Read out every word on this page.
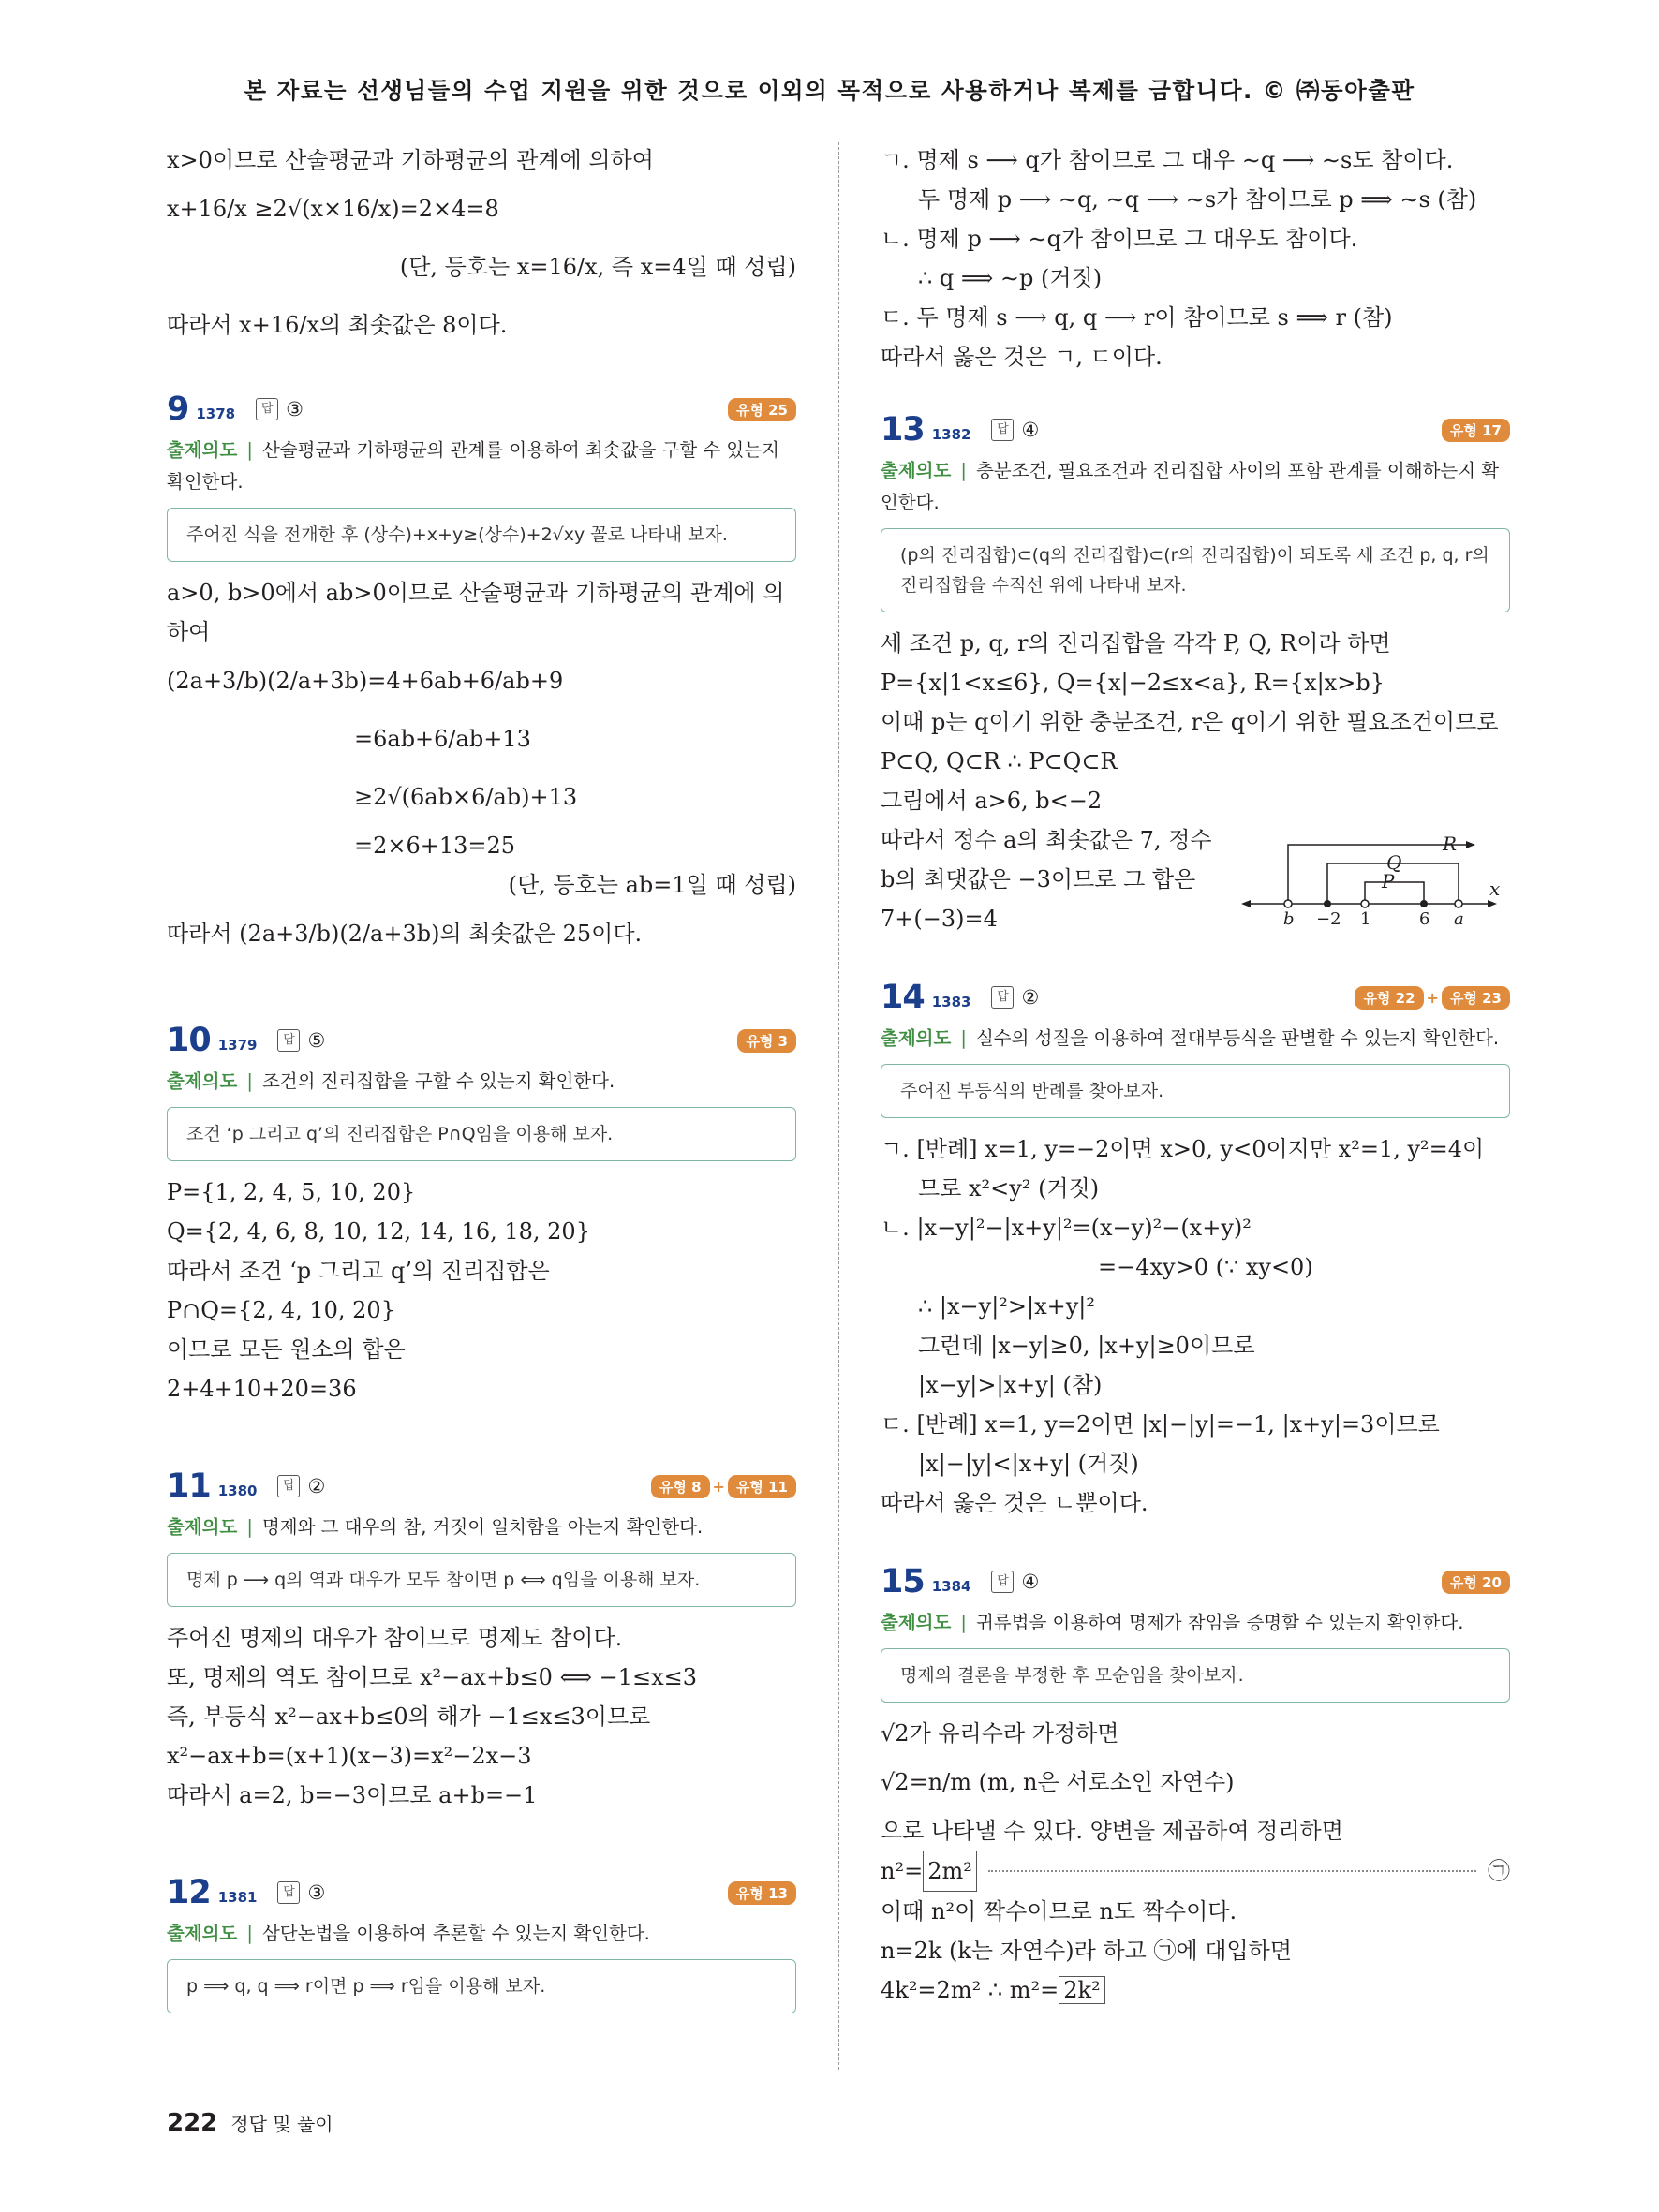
본 자료는 선생님들의 수업 지원을 위한 것으로 이외의 목적으로 사용하거나 복제를 금합니다. © ㈜동아출판
x>0이므로 산술평균과 기하평균의 관계에 의하여
x+16/x ≥2√(x×16/x)=2×4=8
(단, 등호는 x=16/x, 즉 x=4일 때 성립)
따라서 x+16/x의 최솟값은 8이다.
9 1378	답 ③	유형 25
출제의도 | 산술평균과 기하평균의 관계를 이용하여 최솟값을 구할 수 있는지 확인한다.
주어진 식을 전개한 후 (상수)+x+y≥(상수)+2√xy 꼴로 나타내 보자.
a>0, b>0에서 ab>0이므로 산술평균과 기하평균의 관계에 의
하여
(2a+3/b)(2/a+3b)=4+6ab+6/ab+9
=6ab+6/ab+13
≥2√(6ab×6/ab)+13
=2×6+13=25
(단, 등호는 ab=1일 때 성립)
따라서 (2a+3/b)(2/a+3b)의 최솟값은 25이다.
10 1379	답 ⑤	유형 3
출제의도 | 조건의 진리집합을 구할 수 있는지 확인한다.
조건 ‘p 그리고 q’의 진리집합은 P∩Q임을 이용해 보자.
P={1, 2, 4, 5, 10, 20}
Q={2, 4, 6, 8, 10, 12, 14, 16, 18, 20}
따라서 조건 ‘p 그리고 q’의 진리집합은
P∩Q={2, 4, 10, 20}
이므로 모든 원소의 합은
2+4+10+20=36
11 1380	답 ②	유형 8 + 유형 11
출제의도 | 명제와 그 대우의 참, 거짓이 일치함을 아는지 확인한다.
명제 p ⟶ q의 역과 대우가 모두 참이면 p ⟺ q임을 이용해 보자.
주어진 명제의 대우가 참이므로 명제도 참이다.
또, 명제의 역도 참이므로 x²−ax+b≤0 ⟺ −1≤x≤3
즉, 부등식 x²−ax+b≤0의 해가 −1≤x≤3이므로
x²−ax+b=(x+1)(x−3)=x²−2x−3
따라서 a=2, b=−3이므로 a+b=−1
12 1381	답 ③	유형 13
출제의도 | 삼단논법을 이용하여 추론할 수 있는지 확인한다.
p ⟹ q, q ⟹ r이면 p ⟹ r임을 이용해 보자.
ㄱ. 명제 s ⟶ q가 참이므로 그 대우 ∼q ⟶ ∼s도 참이다.
두 명제 p ⟶ ∼q, ∼q ⟶ ∼s가 참이므로 p ⟹ ∼s (참)
ㄴ. 명제 p ⟶ ∼q가 참이므로 그 대우도 참이다.
∴ q ⟹ ∼p (거짓)
ㄷ. 두 명제 s ⟶ q, q ⟶ r이 참이므로 s ⟹ r (참)
따라서 옳은 것은 ㄱ, ㄷ이다.
13 1382	답 ④	유형 17
출제의도 | 충분조건, 필요조건과 진리집합 사이의 포함 관계를 이해하는지 확인한다.
(p의 진리집합)⊂(q의 진리집합)⊂(r의 진리집합)이 되도록 세 조건 p, q, r의 진리집합을 수직선 위에 나타내 보자.
세 조건 p, q, r의 진리집합을 각각 P, Q, R이라 하면
P={x|1<x≤6}, Q={x|−2≤x<a}, R={x|x>b}
이때 p는 q이기 위한 충분조건, r은 q이기 위한 필요조건이므로
P⊂Q, Q⊂R ∴ P⊂Q⊂R
그림에서 a>6, b<−2
따라서 정수 a의 최솟값은 7, 정수
b의 최댓값은 −3이므로 그 합은
7+(−3)=4
14 1383	답 ②	유형 22 + 유형 23
출제의도 | 실수의 성질을 이용하여 절대부등식을 판별할 수 있는지 확인한다.
주어진 부등식의 반례를 찾아보자.
ㄱ. [반례] x=1, y=−2이면 x>0, y<0이지만 x²=1, y²=4이
므로 x²<y² (거짓)
ㄴ. |x−y|²−|x+y|²=(x−y)²−(x+y)²
=−4xy>0 (∵ xy<0)
∴ |x−y|²>|x+y|²
그런데 |x−y|≥0, |x+y|≥0이므로
|x−y|>|x+y| (참)
ㄷ. [반례] x=1, y=2이면 |x|−|y|=−1, |x+y|=3이므로
|x|−|y|<|x+y| (거짓)
따라서 옳은 것은 ㄴ뿐이다.
15 1384	답 ④	유형 20
출제의도 | 귀류법을 이용하여 명제가 참임을 증명할 수 있는지 확인한다.
명제의 결론을 부정한 후 모순임을 찾아보자.
√2가 유리수라 가정하면
√2=n/m (m, n은 서로소인 자연수)
으로 나타낼 수 있다. 양변을 제곱하여 정리하면
n²= 2m²	㉠
이때 n²이 짝수이므로 n도 짝수이다.
n=2k (k는 자연수)라 하고 ㉠에 대입하면
4k²=2m² ∴ m²= 2k²
R
Q
P
b −2 1	6 a
x
222 정답 및 풀이
